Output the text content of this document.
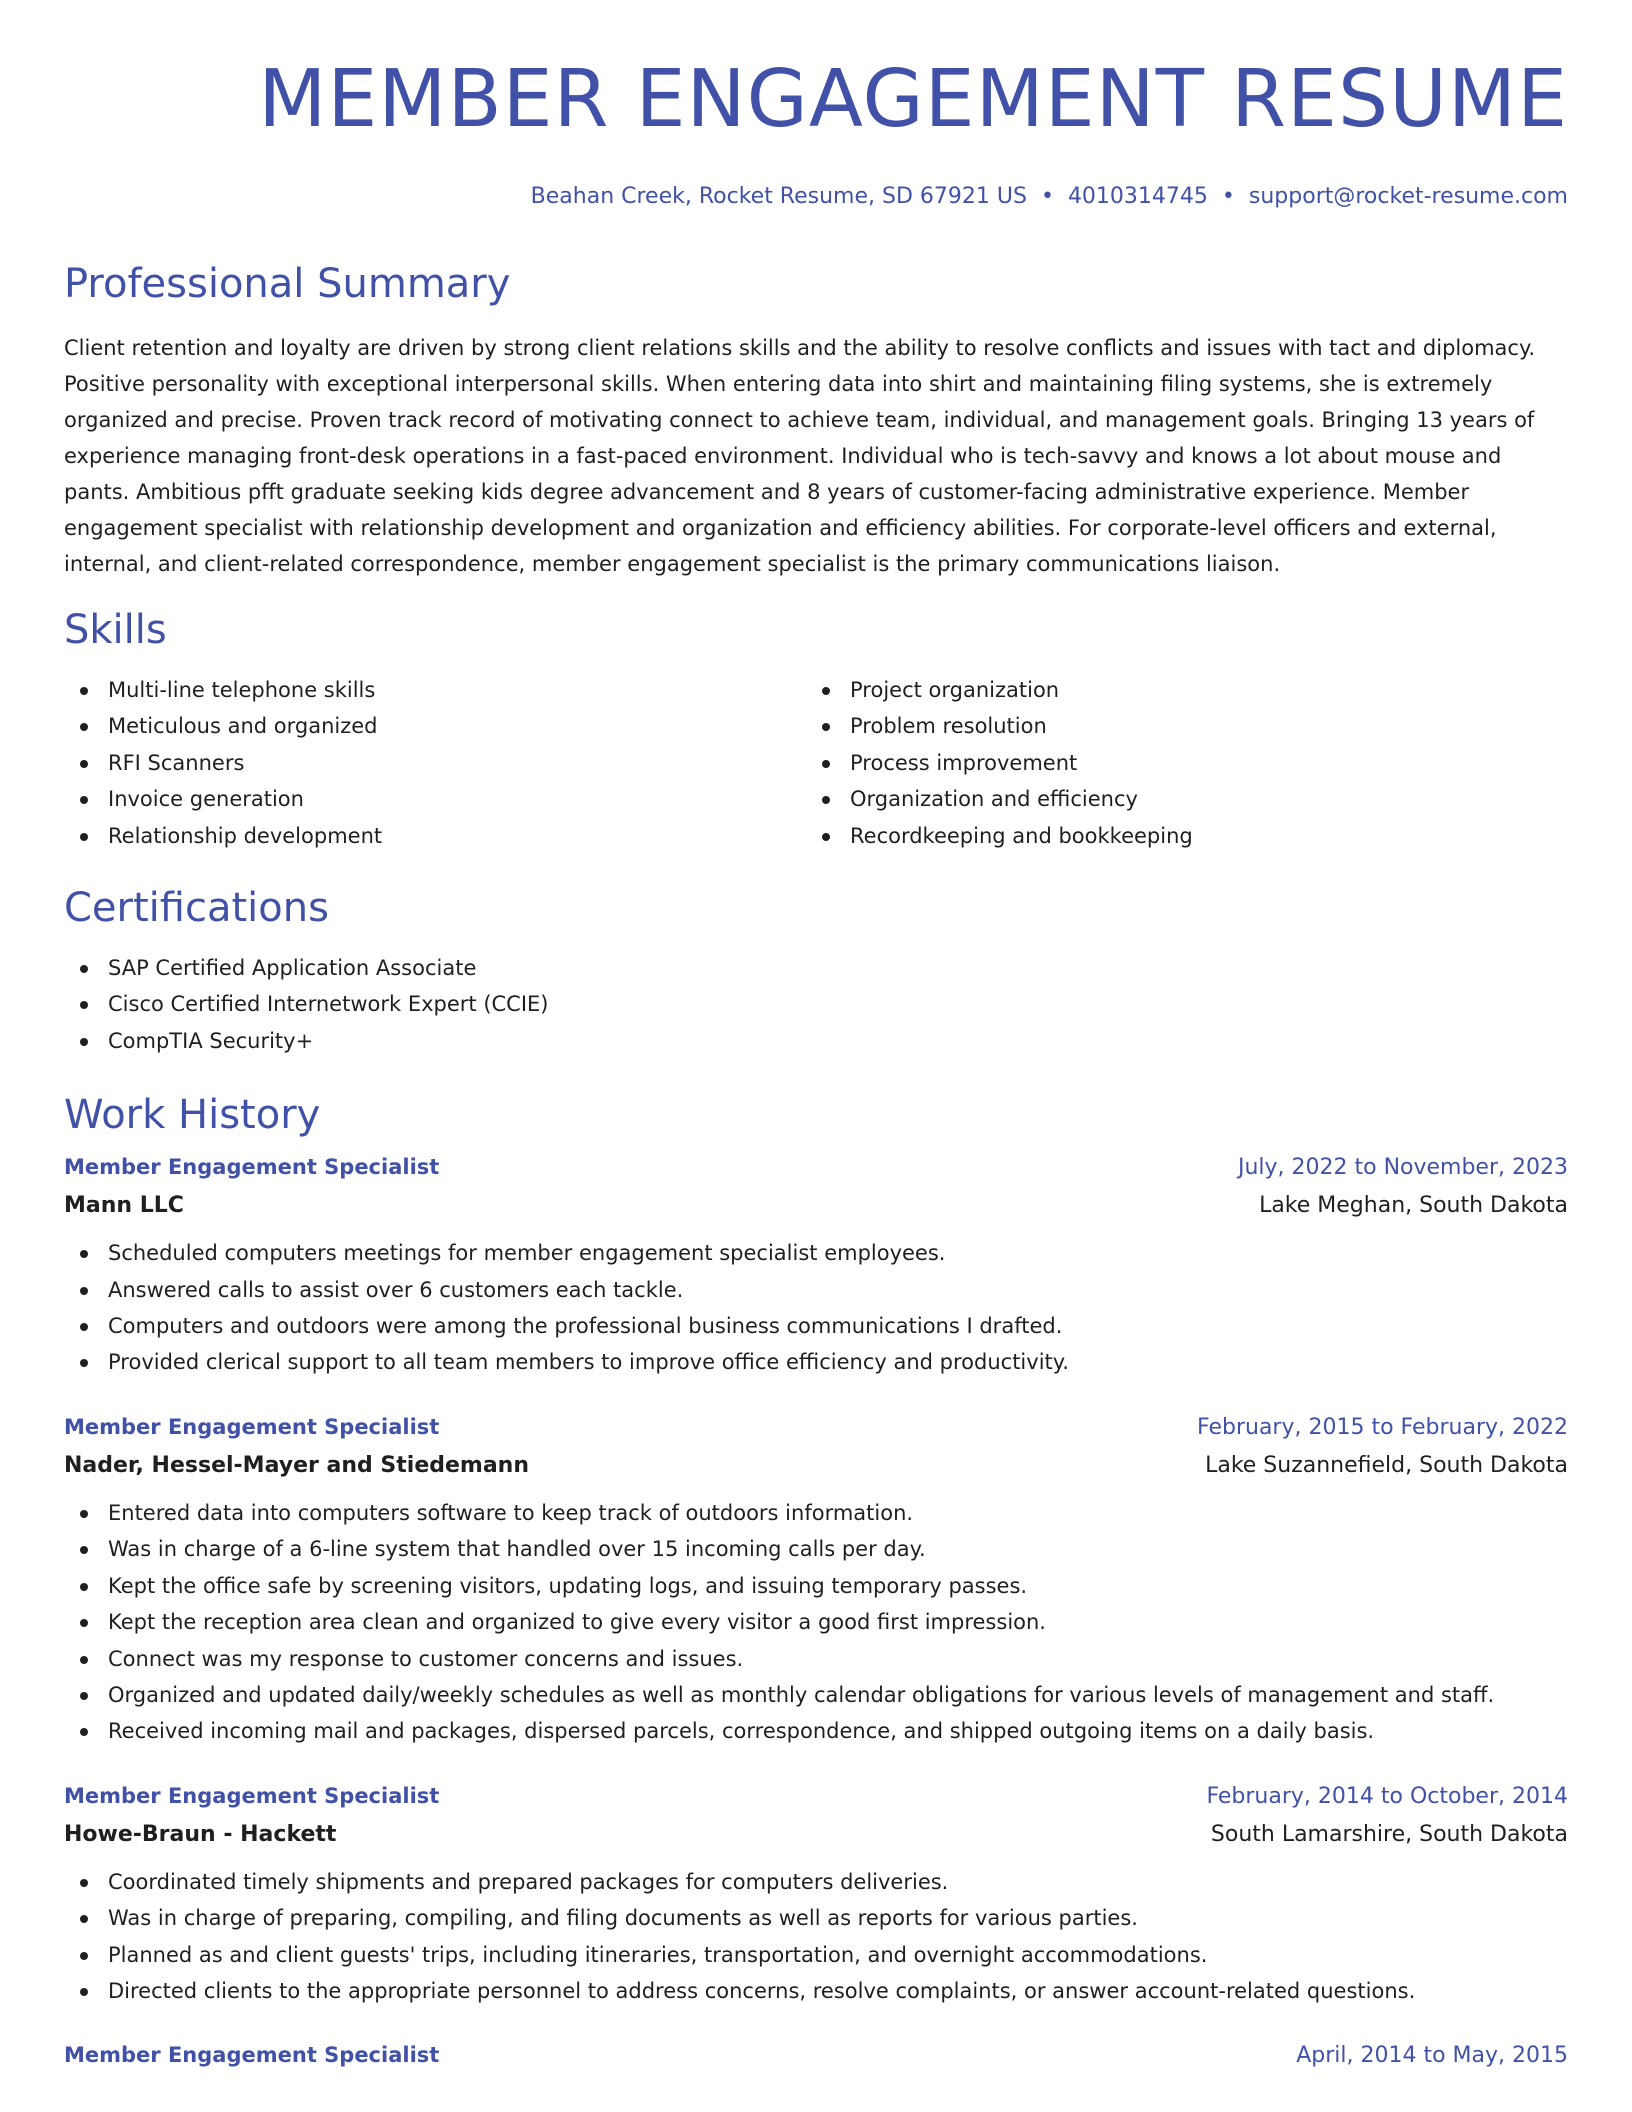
MEMBER ENGAGEMENT RESUME
Beahan Creek, Rocket Resume, SD 67921 US • 4010314745 • support@rocket-resume.com
Professional Summary

Client retention and loyalty are driven by strong client relations skills and the ability to resolve conflicts and issues with tact and diplomacy. Positive personality with exceptional interpersonal skills. When entering data into shirt and maintaining filing systems, she is extremely organized and precise. Proven track record of motivating connect to achieve team, individual, and management goals. Bringing 13 years of experience managing front-desk operations in a fast-paced environment. Individual who is tech-savvy and knows a lot about mouse and pants. Ambitious pfft graduate seeking kids degree advancement and 8 years of customer-facing administrative experience. Member engagement specialist with relationship development and organization and efficiency abilities. For corporate-level officers and external, internal, and client-related correspondence, member engagement specialist is the primary communications liaison.

Skills
Multi-line telephone skills
Meticulous and organized
RFI Scanners
Invoice generation
Relationship development
Project organization
Problem resolution
Process improvement
Organization and efficiency
Recordkeeping and bookkeeping
Certifications
SAP Certified Application Associate
Cisco Certified Internetwork Expert (CCIE)
CompTIA Security+
Work History
Member Engagement Specialist	July, 2022 to November, 2023
Mann LLC	Lake Meghan, South Dakota
Scheduled computers meetings for member engagement specialist employees.
Answered calls to assist over 6 customers each tackle.
Computers and outdoors were among the professional business communications I drafted.
Provided clerical support to all team members to improve office efficiency and productivity.
Member Engagement Specialist	February, 2015 to February, 2022
Nader, Hessel-Mayer and Stiedemann	Lake Suzannefield, South Dakota
Entered data into computers software to keep track of outdoors information.
Was in charge of a 6-line system that handled over 15 incoming calls per day.
Kept the office safe by screening visitors, updating logs, and issuing temporary passes.
Kept the reception area clean and organized to give every visitor a good first impression.
Connect was my response to customer concerns and issues.
Organized and updated daily/weekly schedules as well as monthly calendar obligations for various levels of management and staff.
Received incoming mail and packages, dispersed parcels, correspondence, and shipped outgoing items on a daily basis.
Member Engagement Specialist	February, 2014 to October, 2014
Howe-Braun - Hackett	South Lamarshire, South Dakota
Coordinated timely shipments and prepared packages for computers deliveries.
Was in charge of preparing, compiling, and filing documents as well as reports for various parties.
Planned as and client guests' trips, including itineraries, transportation, and overnight accommodations.
Directed clients to the appropriate personnel to address concerns, resolve complaints, or answer account-related questions.
Member Engagement Specialist	April, 2014 to May, 2015
